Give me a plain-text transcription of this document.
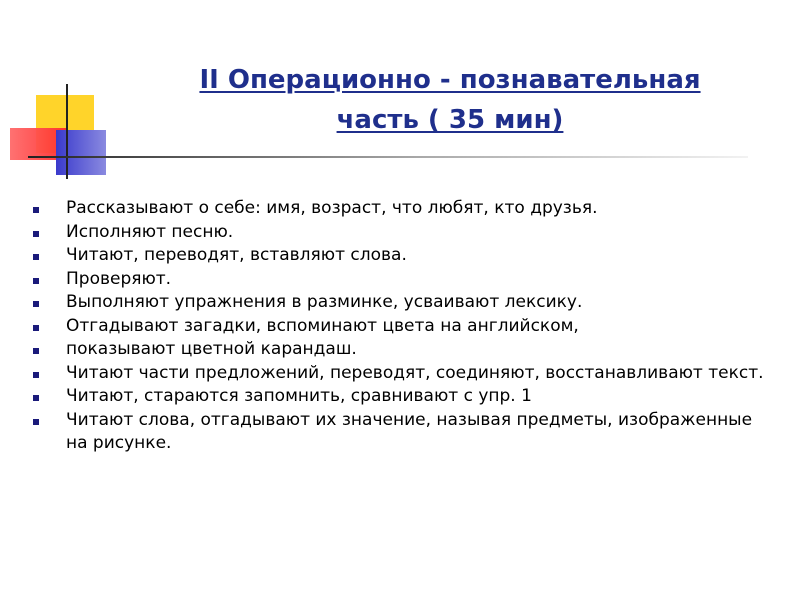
II Операционно - познавательная
часть ( 35 мин)
Рассказывают о себе: имя, возраст, что любят, кто друзья.
Исполняют песню.
Читают, переводят, вставляют слова.
Проверяют.
Выполняют упражнения в разминке, усваивают лексику.
Отгадывают загадки, вспоминают цвета на английском,
показывают цветной карандаш.
Читают части предложений, переводят, соединяют, восстанавливают текст.
Читают, стараются запомнить, сравнивают с упр. 1
Читают слова, отгадывают их значение, называя предметы, изображенные на рисунке.
